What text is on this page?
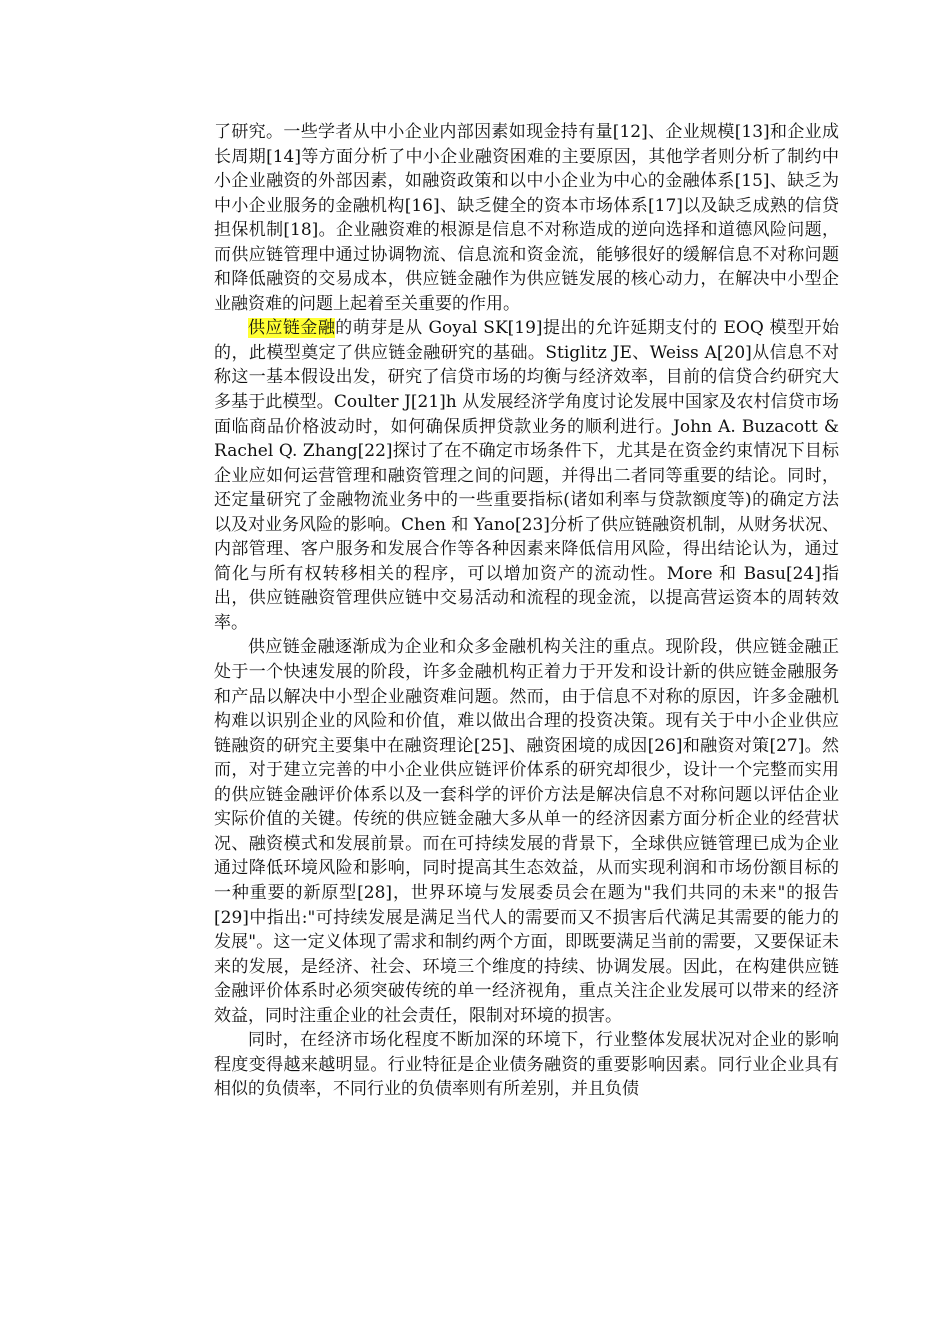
了研究。一些学者从中小企业内部因素如现金持有量[12]、企业规模[13]和企业成长周期[14]等方面分析了中小企业融资困难的主要原因，其他学者则分析了制约中小企业融资的外部因素，如融资政策和以中小企业为中心的金融体系[15]、缺乏为中小企业服务的金融机构[16]、缺乏健全的资本市场体系[17]以及缺乏成熟的信贷担保机制[18]。企业融资难的根源是信息不对称造成的逆向选择和道德风险问题，而供应链管理中通过协调物流、信息流和资金流，能够很好的缓解信息不对称问题和降低融资的交易成本，供应链金融作为供应链发展的核心动力，在解决中小型企业融资难的问题上起着至关重要的作用。

供应链金融的萌芽是从 Goyal SK[19]提出的允许延期支付的 EOQ 模型开始的，此模型奠定了供应链金融研究的基础。Stiglitz JE、Weiss A[20]从信息不对称这一基本假设出发，研究了信贷市场的均衡与经济效率，目前的信贷合约研究大多基于此模型。Coulter J[21]h 从发展经济学角度讨论发展中国家及农村信贷市场面临商品价格波动时，如何确保质押贷款业务的顺利进行。John A. Buzacott & Rachel Q. Zhang[22]探讨了在不确定市场条件下，尤其是在资金约束情况下目标企业应如何运营管理和融资管理之间的问题，并得出二者同等重要的结论。同时，还定量研究了金融物流业务中的一些重要指标(诸如利率与贷款额度等)的确定方法以及对业务风险的影响。Chen 和 Yano[23]分析了供应链融资机制，从财务状况、内部管理、客户服务和发展合作等各种因素来降低信用风险，得出结论认为，通过简化与所有权转移相关的程序，可以增加资产的流动性。More 和 Basu[24]指出，供应链融资管理供应链中交易活动和流程的现金流，以提高营运资本的周转效率。

供应链金融逐渐成为企业和众多金融机构关注的重点。现阶段，供应链金融正处于一个快速发展的阶段，许多金融机构正着力于开发和设计新的供应链金融服务和产品以解决中小型企业融资难问题。然而，由于信息不对称的原因，许多金融机构难以识别企业的风险和价值，难以做出合理的投资决策。现有关于中小企业供应链融资的研究主要集中在融资理论[25]、融资困境的成因[26]和融资对策[27]。然而，对于建立完善的中小企业供应链评价体系的研究却很少，设计一个完整而实用的供应链金融评价体系以及一套科学的评价方法是解决信息不对称问题以评估企业实际价值的关键。传统的供应链金融大多从单一的经济因素方面分析企业的经营状况、融资模式和发展前景。而在可持续发展的背景下，全球供应链管理已成为企业通过降低环境风险和影响，同时提高其生态效益，从而实现利润和市场份额目标的一种重要的新原型[28]，世界环境与发展委员会在题为"我们共同的未来"的报告[29]中指出:"可持续发展是满足当代人的需要而又不损害后代满足其需要的能力的发展"。这一定义体现了需求和制约两个方面，即既要满足当前的需要，又要保证未来的发展，是经济、社会、环境三个维度的持续、协调发展。因此，在构建供应链金融评价体系时必须突破传统的单一经济视角，重点关注企业发展可以带来的经济效益，同时注重企业的社会责任，限制对环境的损害。

同时，在经济市场化程度不断加深的环境下，行业整体发展状况对企业的影响程度变得越来越明显。行业特征是企业债务融资的重要影响因素。同行业企业具有相似的负债率，不同行业的负债率则有所差别，并且负债
